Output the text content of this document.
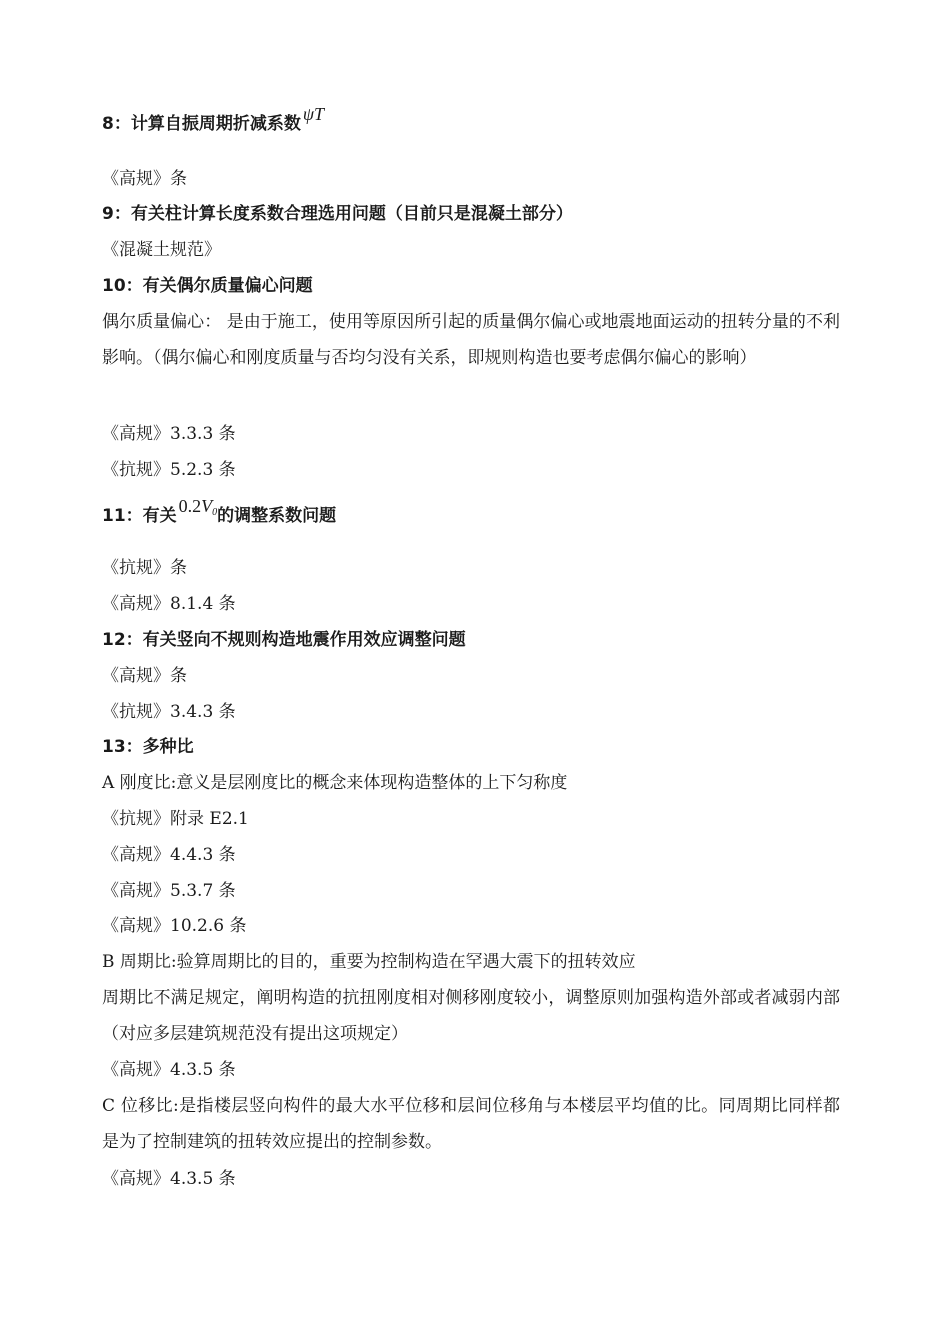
8：计算自振周期折减系数 ψT
《高规》条
9：有关柱计算长度系数合理选用问题（目前只是混凝土部分）
《混凝土规范》
10：有关偶尔质量偏心问题
偶尔质量偏心： 是由于施工，使用等原因所引起的质量偶尔偏心或地震地面运动的扭转分量的不利影响。（偶尔偏心和刚度质量与否均匀没有关系，即规则构造也要考虑偶尔偏心的影响）
《高规》3.3.3 条
《抗规》5.2.3 条
11：有关 0.2V0的调整系数问题
《抗规》条
《高规》8.1.4 条
12：有关竖向不规则构造地震作用效应调整问题
《高规》条
《抗规》3.4.3 条
13：多种比
A 刚度比:意义是层刚度比的概念来体现构造整体的上下匀称度
《抗规》附录 E2.1
《高规》4.4.3 条
《高规》5.3.7 条
《高规》10.2.6 条
B 周期比:验算周期比的目的，重要为控制构造在罕遇大震下的扭转效应
周期比不满足规定，阐明构造的抗扭刚度相对侧移刚度较小，调整原则加强构造外部或者减弱内部（对应多层建筑规范没有提出这项规定）
《高规》4.3.5 条
C 位移比:是指楼层竖向构件的最大水平位移和层间位移角与本楼层平均值的比。同周期比同样都是为了控制建筑的扭转效应提出的控制参数。
《高规》4.3.5 条
